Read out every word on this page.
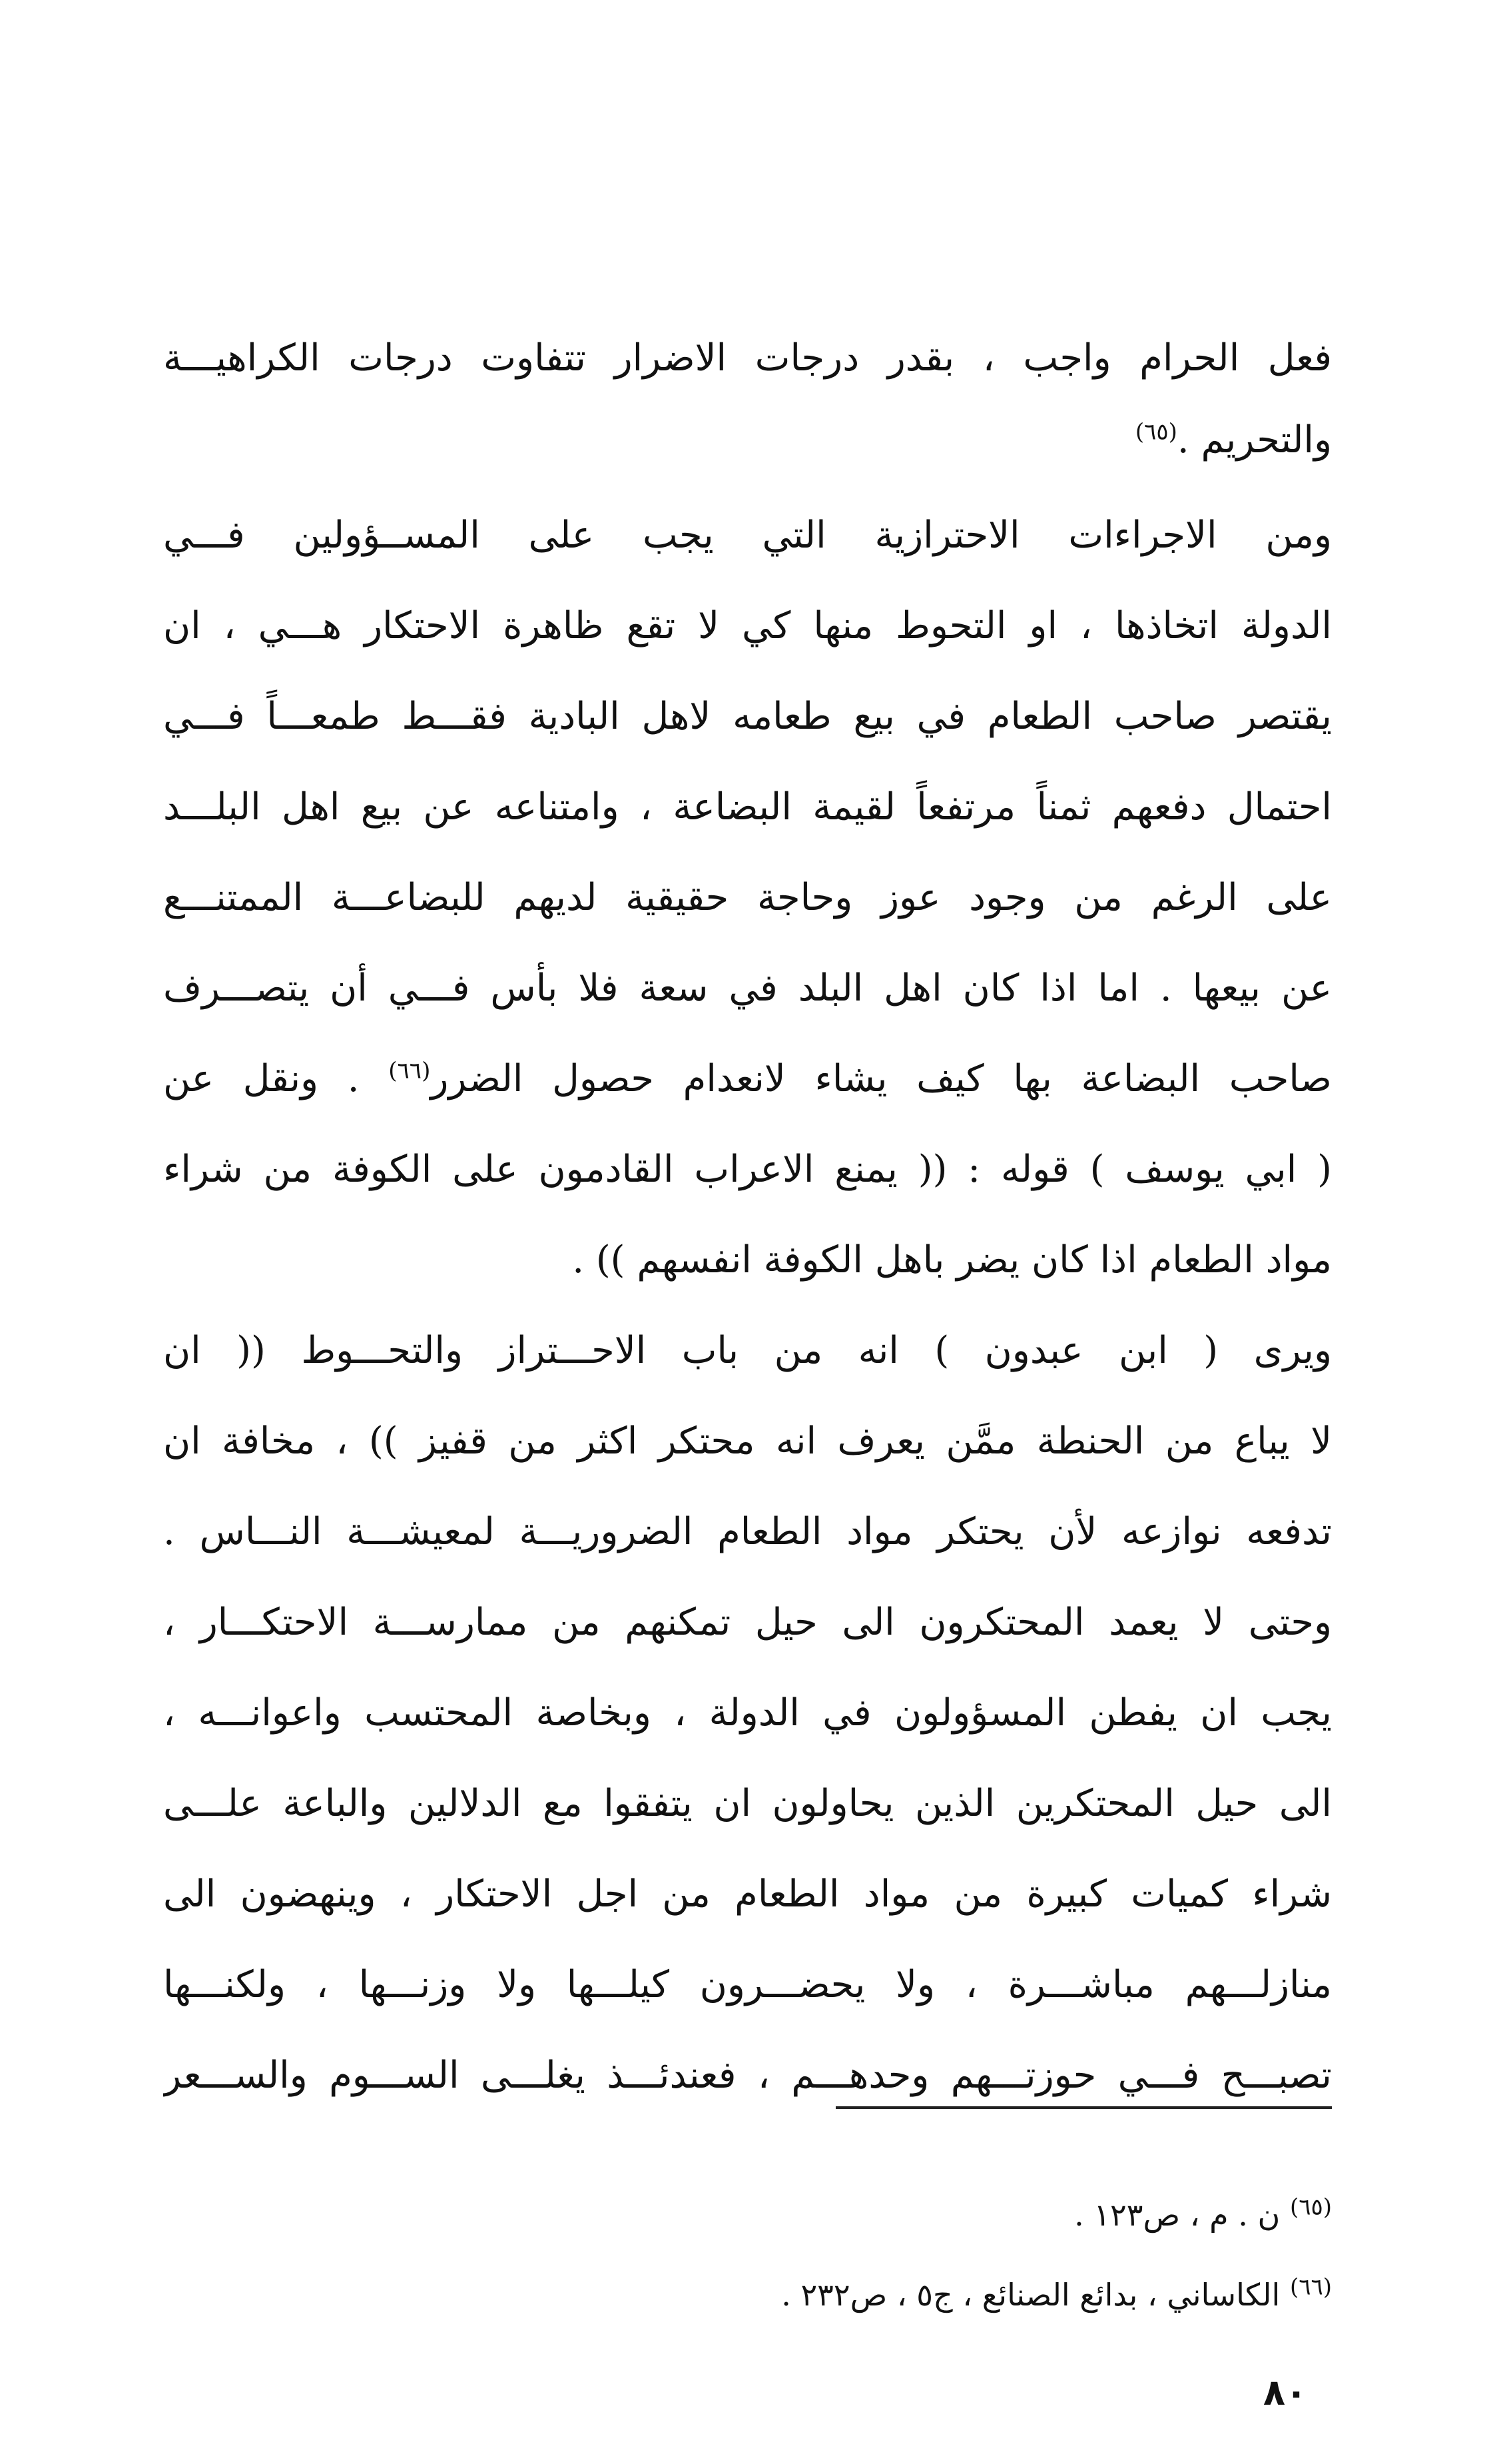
فعل الحرام واجب ، بقدر درجات الاضرار تتفاوت درجات الكراهيـــة
والتحريم .$^{(٦٥)}$
ومن الاجراءات الاحترازية التي يجب على المســؤولين فـــي
الدولة اتخاذها ، او التحوط منها كي لا تقع ظاهرة الاحتكار هـــي ، ان
يقتصر صاحب الطعام في بيع طعامه لاهل البادية فقـــط طمعـــاً فـــي
احتمال دفعهم ثمناً مرتفعاً لقيمة البضاعة ، وامتناعه عن بيع اهل البلـــد
على الرغم من وجود عوز وحاجة حقيقية لديهم للبضاعـــة الممتنـــع
عن بيعها . اما اذا كان اهل البلد في سعة فلا بأس فـــي أن يتصـــرف
صاحب البضاعة بها كيف يشاء لانعدام حصول الضرر$^{(٦٦)}$ . ونقل عن
( ابي يوسف ) قوله : (( يمنع الاعراب القادمون على الكوفة من شراء
مواد الطعام اذا كان يضر باهل الكوفة انفسهم )) .
ويرى ( ابن عبدون ) انه من باب الاحـــتراز والتحـــوط (( ان
لا يباع من الحنطة ممَّن يعرف انه محتكر اكثر من قفيز )) ، مخافة ان
تدفعه نوازعه لأن يحتكر مواد الطعام الضروريـــة لمعيشـــة النـــاس .
وحتى لا يعمد المحتكرون الى حيل تمكنهم من ممارســـة الاحتكـــار ،
يجب ان يفطن المسؤولون في الدولة ، وبخاصة المحتسب واعوانـــه ،
الى حيل المحتكرين الذين يحاولون ان يتفقوا مع الدلالين والباعة علـــى
شراء كميات كبيرة من مواد الطعام من اجل الاحتكار ، وينهضون الى
منازلـــهم مباشـــرة ، ولا يحضـــرون كيلـــها ولا وزنـــها ، ولكنـــها
تصبـــح فـــي حوزتـــهم وحدهـــم ، فعندئـــذ يغلـــى الســـوم والســـعر
$^{(٦٥)}$ ن . م ، ص١٢٣ .
$^{(٦٦)}$ الكاساني ، بدائع الصنائع ، ج٥ ، ص٢٣٢ .
٨٠
